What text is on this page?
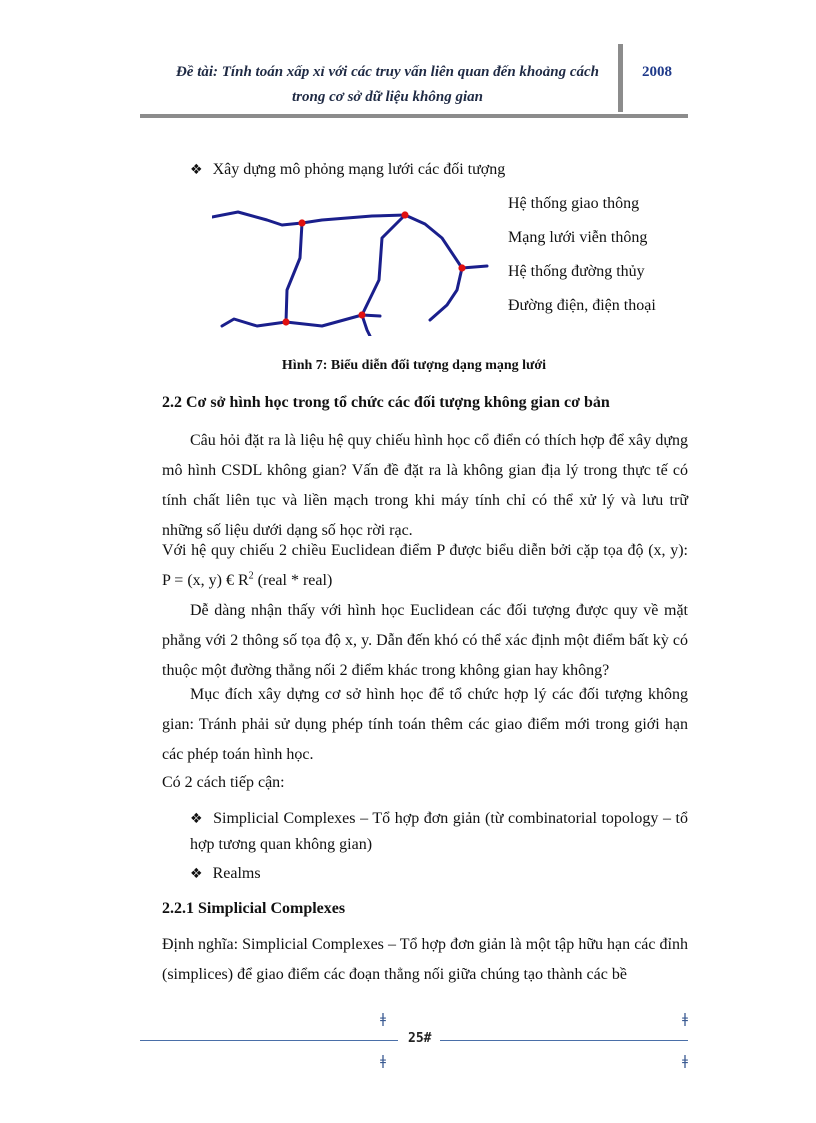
Đề tài: Tính toán xấp xỉ với các truy vấn liên quan đến khoảng cách
trong cơ sở dữ liệu không gian
2008
❖ Xây dựng mô phỏng mạng lưới các đối tượng
Hệ thống giao thông
Mạng lưới viễn thông
Hệ thống đường thủy
Đường điện, điện thoại
Hình 7: Biểu diễn đối tượng dạng mạng lưới
2.2 Cơ sở hình học trong tổ chức các đối tượng không gian cơ bản
Câu hỏi đặt ra là liệu hệ quy chiếu hình học cổ điển có thích hợp để xây dựng mô hình CSDL không gian? Vấn đề đặt ra là không gian địa lý trong thực tế có tính chất liên tục và liền mạch trong khi máy tính chỉ có thể xử lý và lưu trữ những số liệu dưới dạng số học rời rạc.
Với hệ quy chiếu 2 chiều Euclidean điểm P được biểu diễn bởi cặp tọa độ (x, y): P = (x, y) € $R^2$ (real * real)
Dễ dàng nhận thấy với hình học Euclidean các đối tượng được quy về mặt phẳng với 2 thông số tọa độ x, y. Dẫn đến khó có thể xác định một điểm bất kỳ có thuộc một đường thẳng nối 2 điểm khác trong không gian hay không?
Mục đích xây dựng cơ sở hình học để tổ chức hợp lý các đối tượng không gian: Tránh phải sử dụng phép tính toán thêm các giao điểm mới trong giới hạn các phép toán hình học.
Có 2 cách tiếp cận:
❖ Simplicial Complexes – Tổ hợp đơn giản (từ combinatorial topology – tổ hợp tương quan không gian)
❖ Realms
2.2.1 Simplicial Complexes
Định nghĩa: Simplicial Complexes – Tổ hợp đơn giản là một tập hữu hạn các đỉnh (simplices) để giao điểm các đoạn thẳng nối giữa chúng tạo thành các bề
ǂ	ǂ
25#
ǂ	ǂ
